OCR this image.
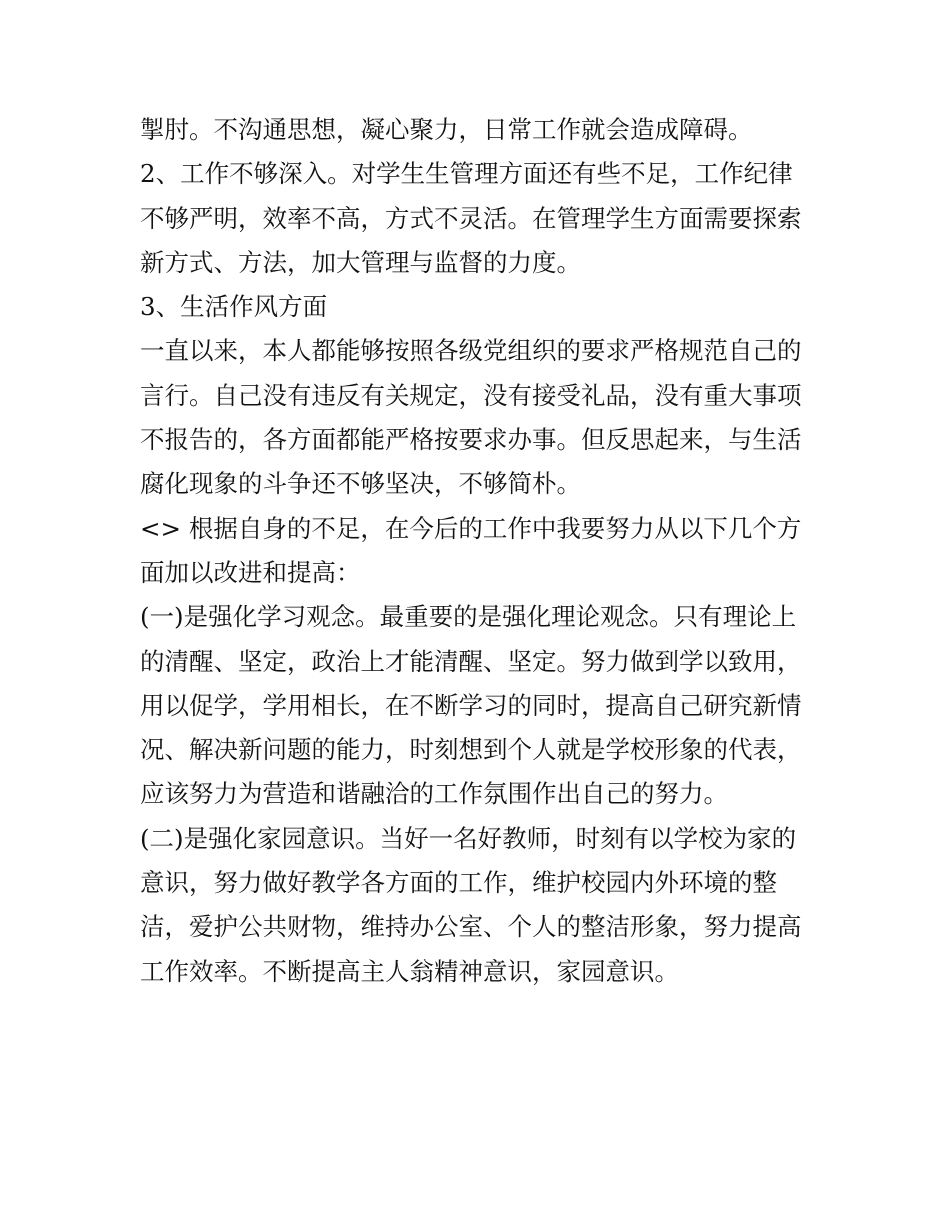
掣肘。不沟通思想，凝心聚力，日常工作就会造成障碍。
2、工作不够深入。对学生生管理方面还有些不足，工作纪律
不够严明，效率不高，方式不灵活。在管理学生方面需要探索
新方式、方法，加大管理与监督的力度。
3、生活作风方面
一直以来，本人都能够按照各级党组织的要求严格规范自己的
言行。自己没有违反有关规定，没有接受礼品，没有重大事项
不报告的，各方面都能严格按要求办事。但反思起来，与生活
腐化现象的斗争还不够坚决，不够简朴。
<> 根据自身的不足，在今后的工作中我要努力从以下几个方
面加以改进和提高：
(一)是强化学习观念。最重要的是强化理论观念。只有理论上
的清醒、坚定，政治上才能清醒、坚定。努力做到学以致用，
用以促学，学用相长，在不断学习的同时，提高自己研究新情
况、解决新问题的能力，时刻想到个人就是学校形象的代表，
应该努力为营造和谐融洽的工作氛围作出自己的努力。
(二)是强化家园意识。当好一名好教师，时刻有以学校为家的
意识，努力做好教学各方面的工作，维护校园内外环境的整
洁，爱护公共财物，维持办公室、个人的整洁形象，努力提高
工作效率。不断提高主人翁精神意识，家园意识。
